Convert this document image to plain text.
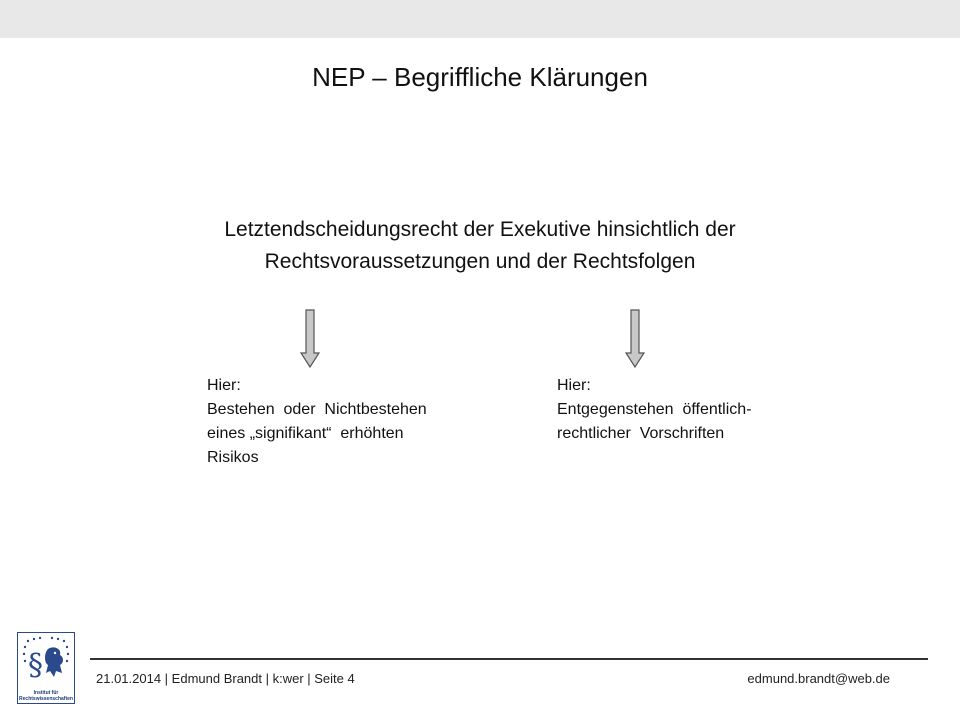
NEP – Begriffliche Klärungen
Letztendscheidungsrecht der Exekutive hinsichtlich der
Rechtsvoraussetzungen und der Rechtsfolgen
Hier:
Bestehen  oder  Nichtbestehen
eines „signifikant“  erhöhten
Risikos
Hier:
Entgegenstehen  öffentlich-
rechtlicher  Vorschriften
§
Institut für
Rechtswissenschaften
21.01.2014 | Edmund Brandt | k:wer | Seite 4	edmund.brandt@web.de
